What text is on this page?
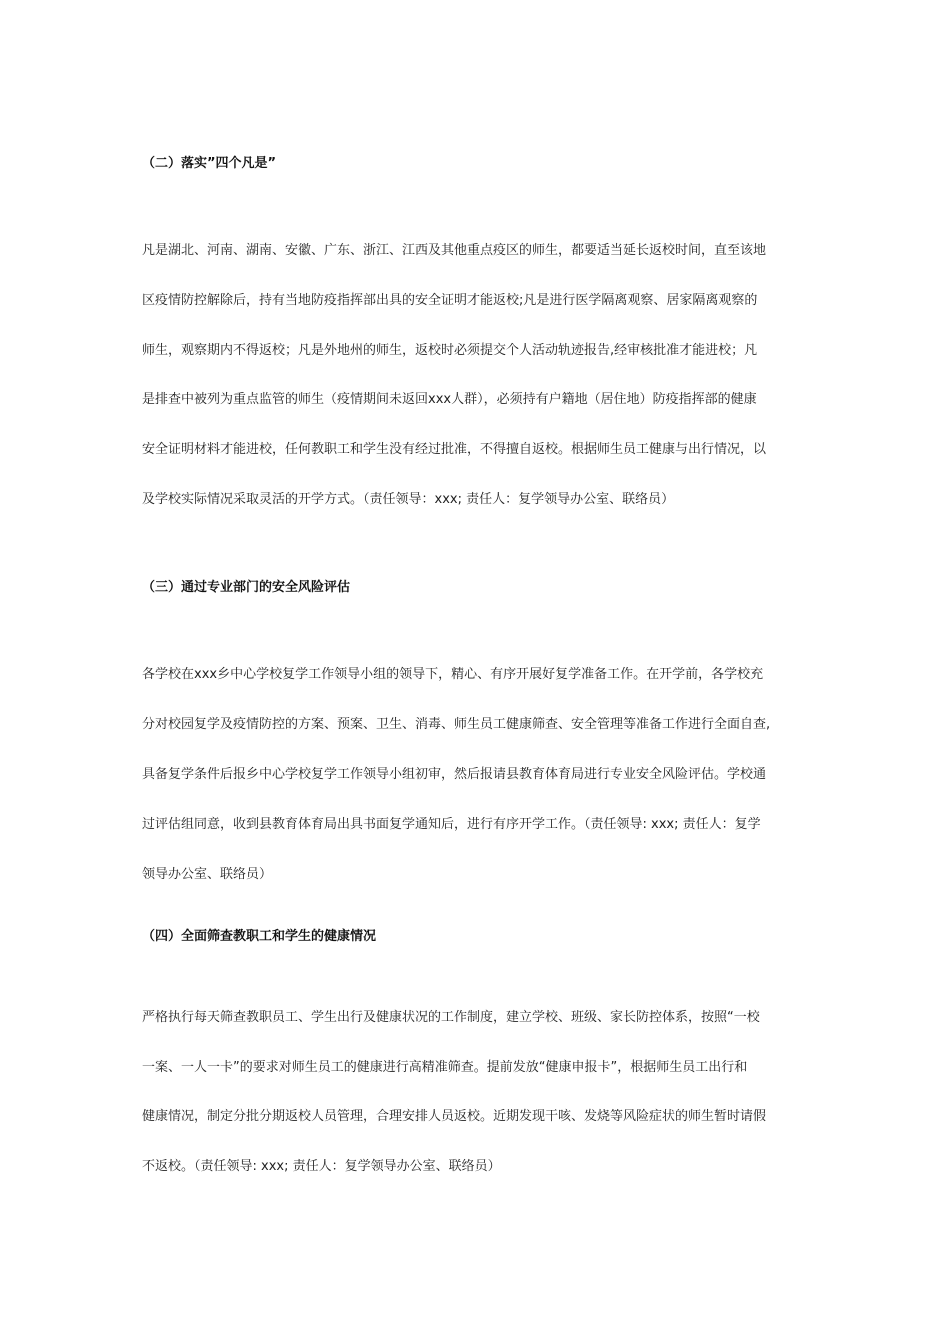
（二）落实”四个凡是”
凡是湖北、河南、湖南、安徽、广东、浙江、江西及其他重点疫区的师生，都要适当延长返校时间，直至该地
区疫情防控解除后，持有当地防疫指挥部出具的安全证明才能返校;凡是进行医学隔离观察、居家隔离观察的
师生，观察期内不得返校；凡是外地州的师生，返校时必须提交个人活动轨迹报告,经审核批准才能进校；凡
是排查中被列为重点监管的师生（疫情期间未返回xxx人群），必须持有户籍地（居住地）防疫指挥部的健康
安全证明材料才能进校，任何教职工和学生没有经过批准，不得擅自返校。根据师生员工健康与出行情况，以
及学校实际情况采取灵活的开学方式。（责任领导：xxx; 责任人：复学领导办公室、联络员）
（三）通过专业部门的安全风险评估
各学校在xxx乡中心学校复学工作领导小组的领导下，精心、有序开展好复学准备工作。在开学前，各学校充
分对校园复学及疫情防控的方案、预案、卫生、消毒、师生员工健康筛查、安全管理等准备工作进行全面自查,
具备复学条件后报乡中心学校复学工作领导小组初审，然后报请县教育体育局进行专业安全风险评估。学校通
过评估组同意，收到县教育体育局出具书面复学通知后，进行有序开学工作。（责任领导: xxx; 责任人：复学
领导办公室、联络员）
（四）全面筛查教职工和学生的健康情况
严格执行每天筛查教职员工、学生出行及健康状况的工作制度，建立学校、班级、家长防控体系，按照“一校
一案、一人一卡”的要求对师生员工的健康进行高精准筛查。提前发放“健康申报卡”，根据师生员工出行和
健康情况，制定分批分期返校人员管理，合理安排人员返校。近期发现干咳、发烧等风险症状的师生暂时请假
不返校。（责任领导: xxx; 责任人：复学领导办公室、联络员）
